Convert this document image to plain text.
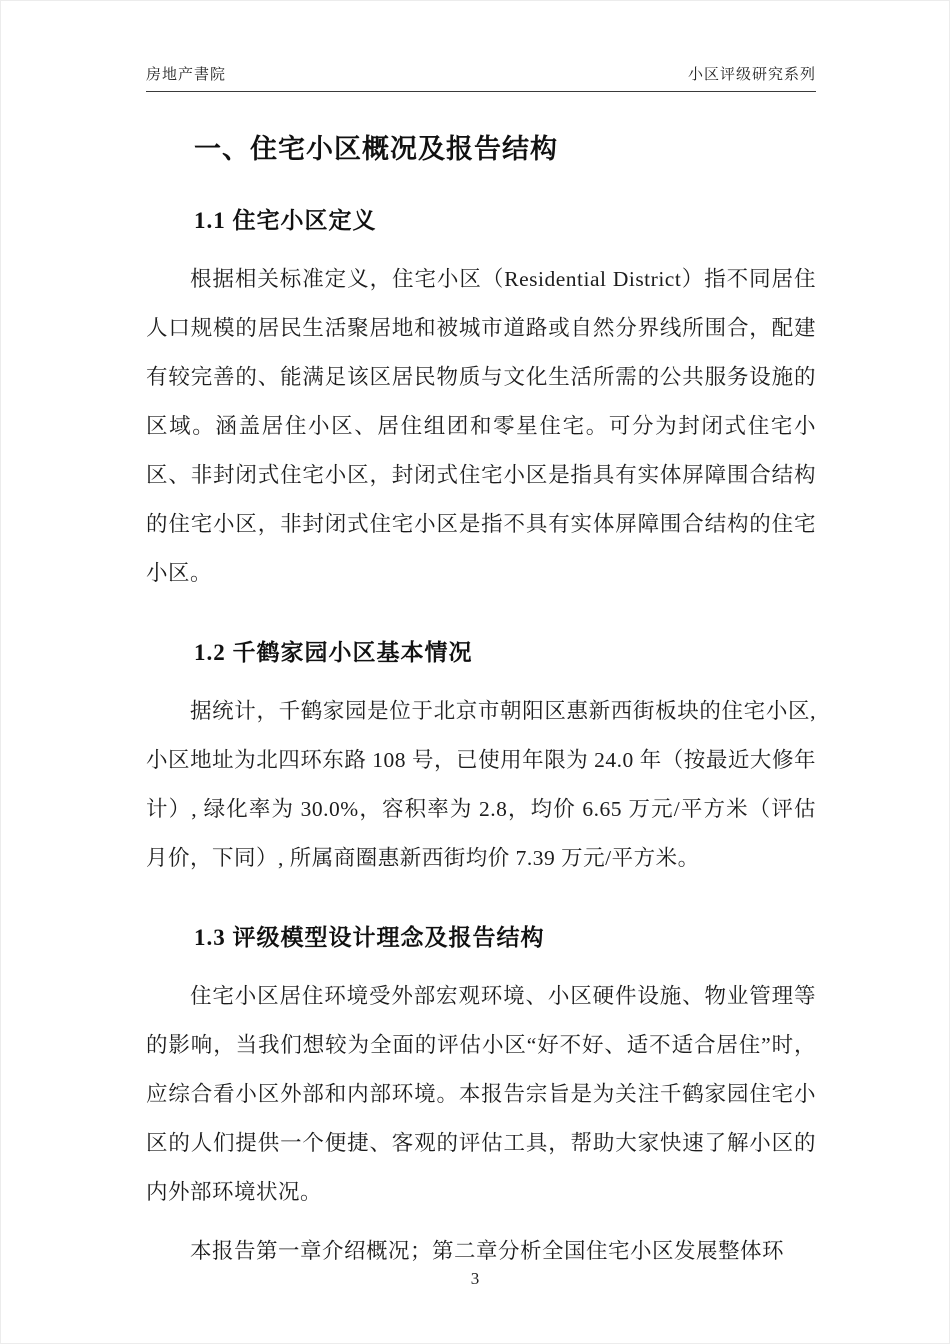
房地产書院	小区评级研究系列
一、住宅小区概况及报告结构
1.1 住宅小区定义

根据相关标准定义，住宅小区（Residential District）指不同居住人口规模的居民生活聚居地和被城市道路或自然分界线所围合，配建有较完善的、能满足该区居民物质与文化生活所需的公共服务设施的区域。涵盖居住小区、居住组团和零星住宅。可分为封闭式住宅小区、非封闭式住宅小区，封闭式住宅小区是指具有实体屏障围合结构的住宅小区，非封闭式住宅小区是指不具有实体屏障围合结构的住宅小区。

1.2 千鹤家园小区基本情况

据统计，千鹤家园是位于北京市朝阳区惠新西街板块的住宅小区, 小区地址为北四环东路 108 号，已使用年限为 24.0 年（按最近大修年计）, 绿化率为 30.0%，容积率为 2.8，均价 6.65 万元/平方米（评估月价，下同）, 所属商圈惠新西街均价 7.39 万元/平方米。

1.3 评级模型设计理念及报告结构

住宅小区居住环境受外部宏观环境、小区硬件设施、物业管理等的影响，当我们想较为全面的评估小区“好不好、适不适合居住”时，应综合看小区外部和内部环境。本报告宗旨是为关注千鹤家园住宅小区的人们提供一个便捷、客观的评估工具，帮助大家快速了解小区的内外部环境状况。

本报告第一章介绍概况；第二章分析全国住宅小区发展整体环

3
